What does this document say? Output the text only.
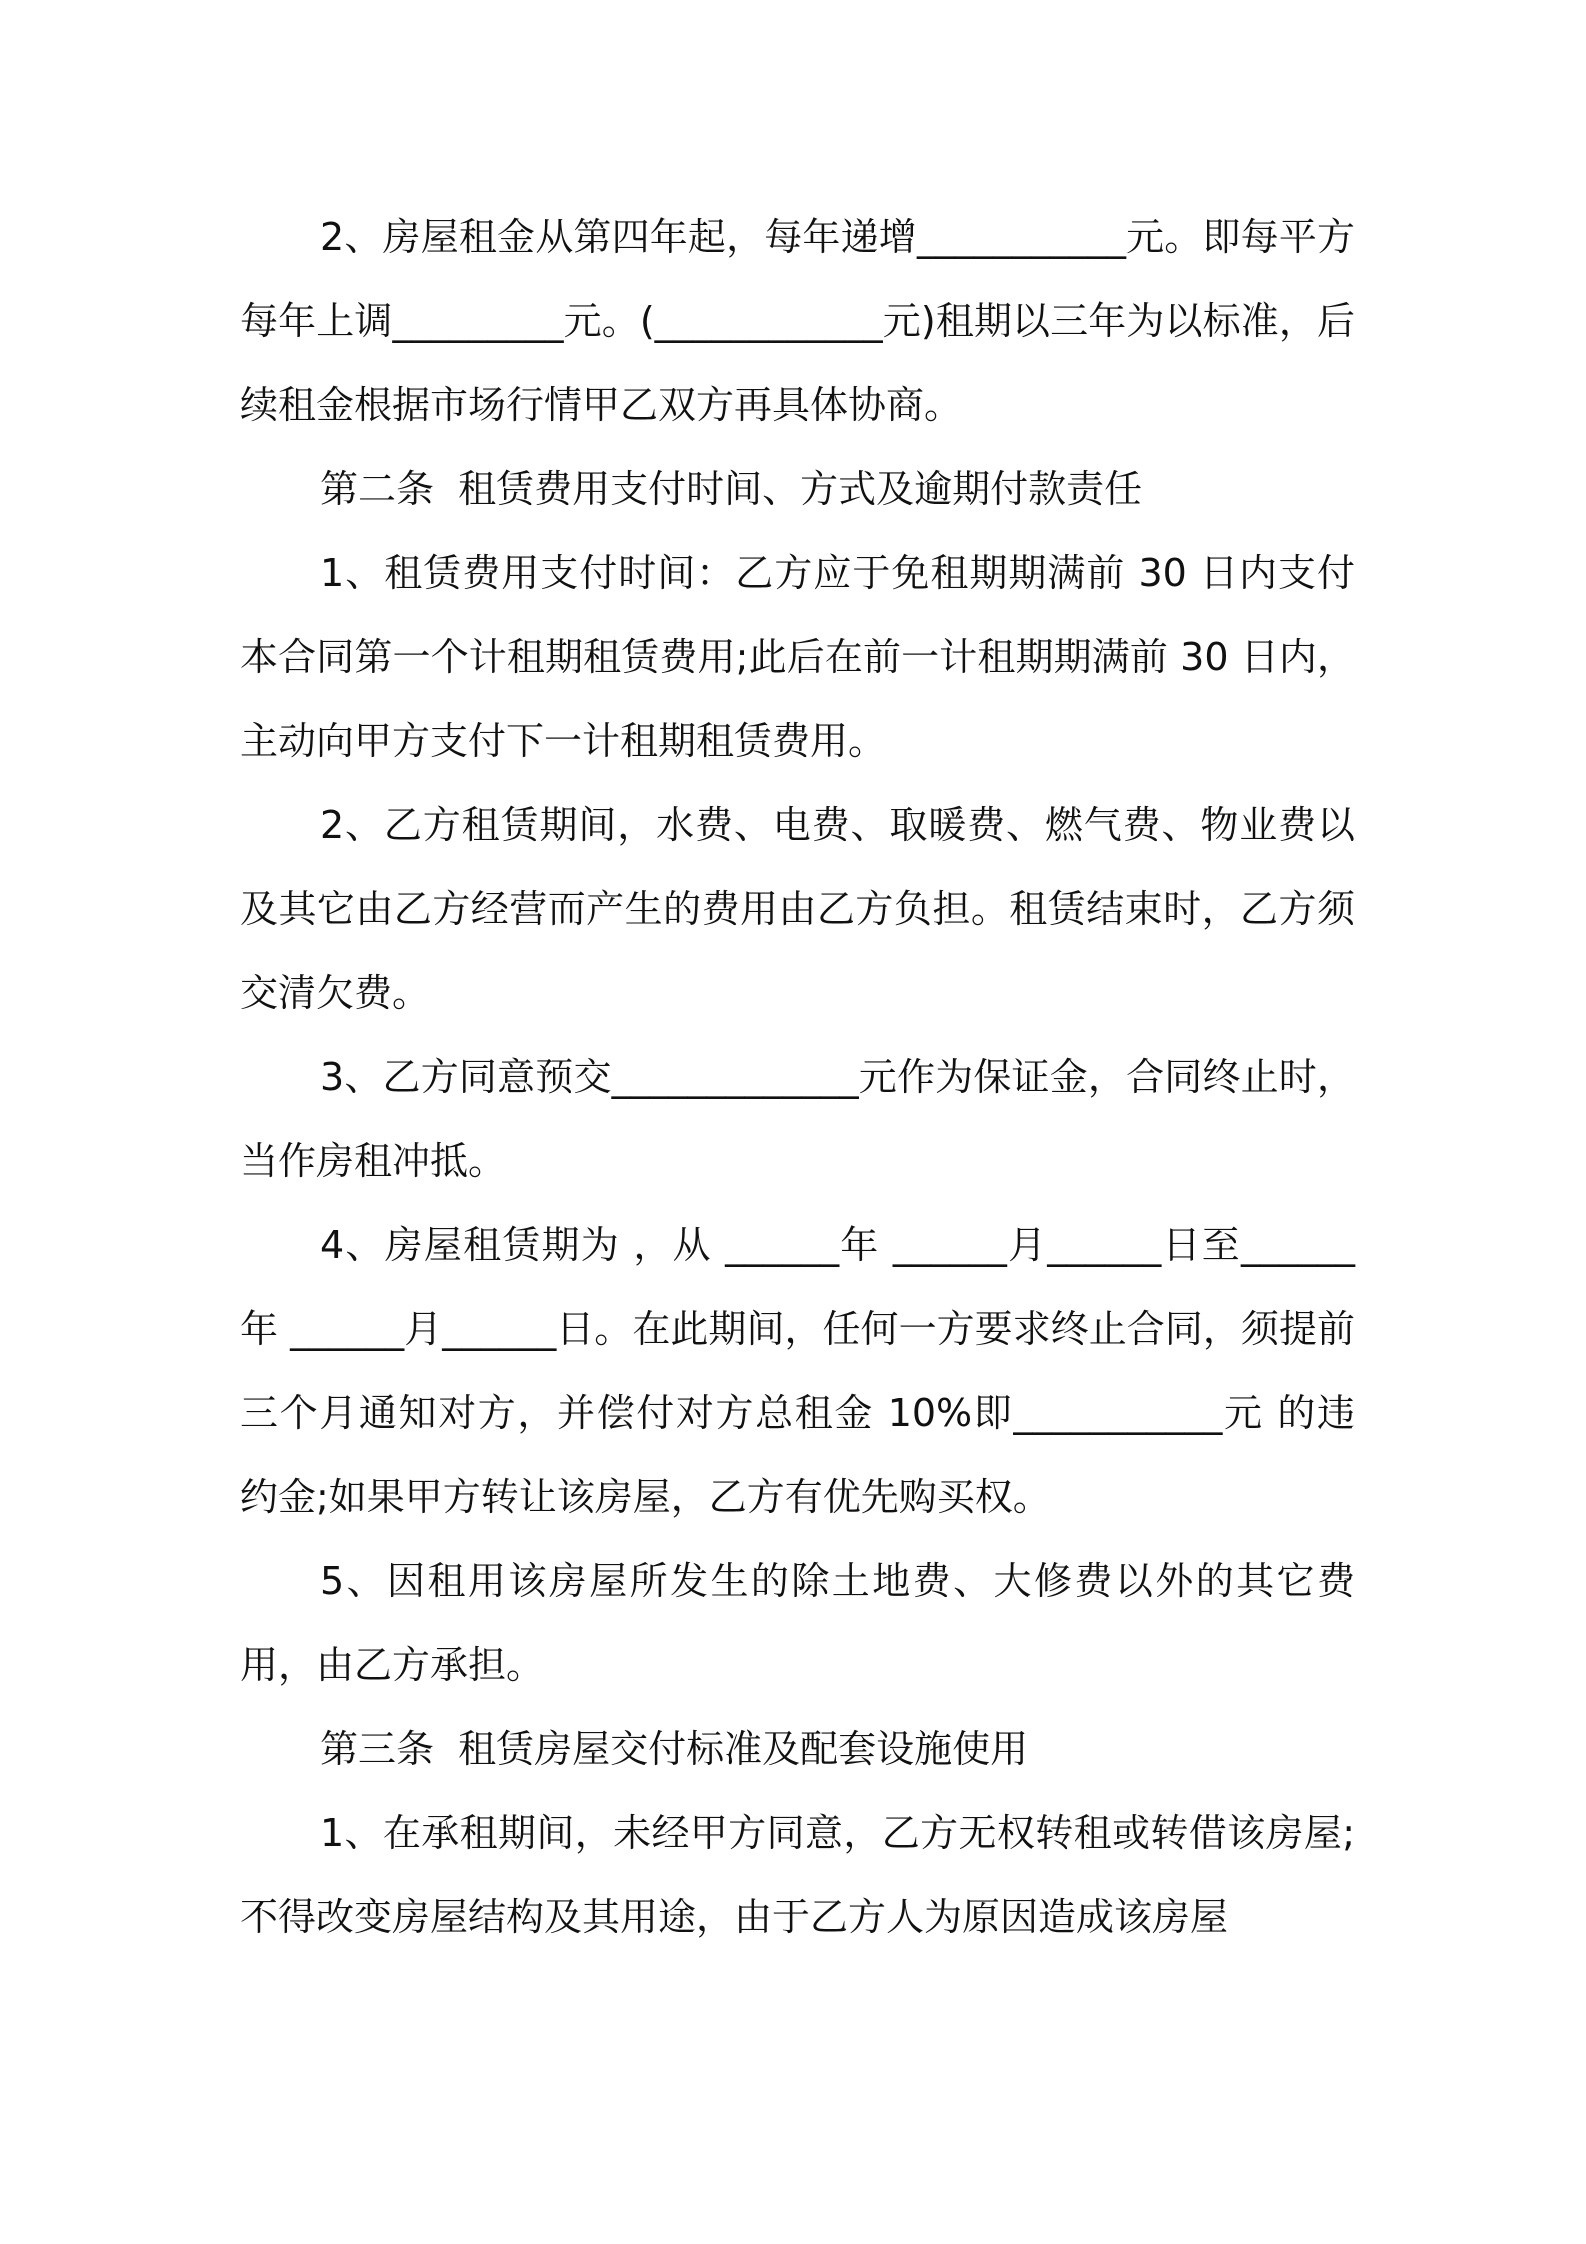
2、房屋租金从第四年起，每年递增___________元。即每平方每年上调_________元。(____________元)租期以三年为以标准，后续租金根据市场行情甲乙双方再具体协商。

第二条  租赁费用支付时间、方式及逾期付款责任

1、租赁费用支付时间：乙方应于免租期期满前 30 日内支付本合同第一个计租期租赁费用;此后在前一计租期期满前 30 日内，主动向甲方支付下一计租期租赁费用。

2、乙方租赁期间，水费、电费、取暖费、燃气费、物业费以及其它由乙方经营而产生的费用由乙方负担。租赁结束时，乙方须交清欠费。

3、乙方同意预交_____________元作为保证金，合同终止时，当作房租冲抵。

4、房屋租赁期为 ，从 ______年 ______月______日至______年 ______月______日。在此期间，任何一方要求终止合同，须提前三个月通知对方，并偿付对方总租金 10%即___________元 的违约金;如果甲方转让该房屋，乙方有优先购买权。

5、因租用该房屋所发生的除土地费、大修费以外的其它费用，由乙方承担。

第三条  租赁房屋交付标准及配套设施使用

1、在承租期间，未经甲方同意，乙方无权转租或转借该房屋;不得改变房屋结构及其用途，由于乙方人为原因造成该房屋
